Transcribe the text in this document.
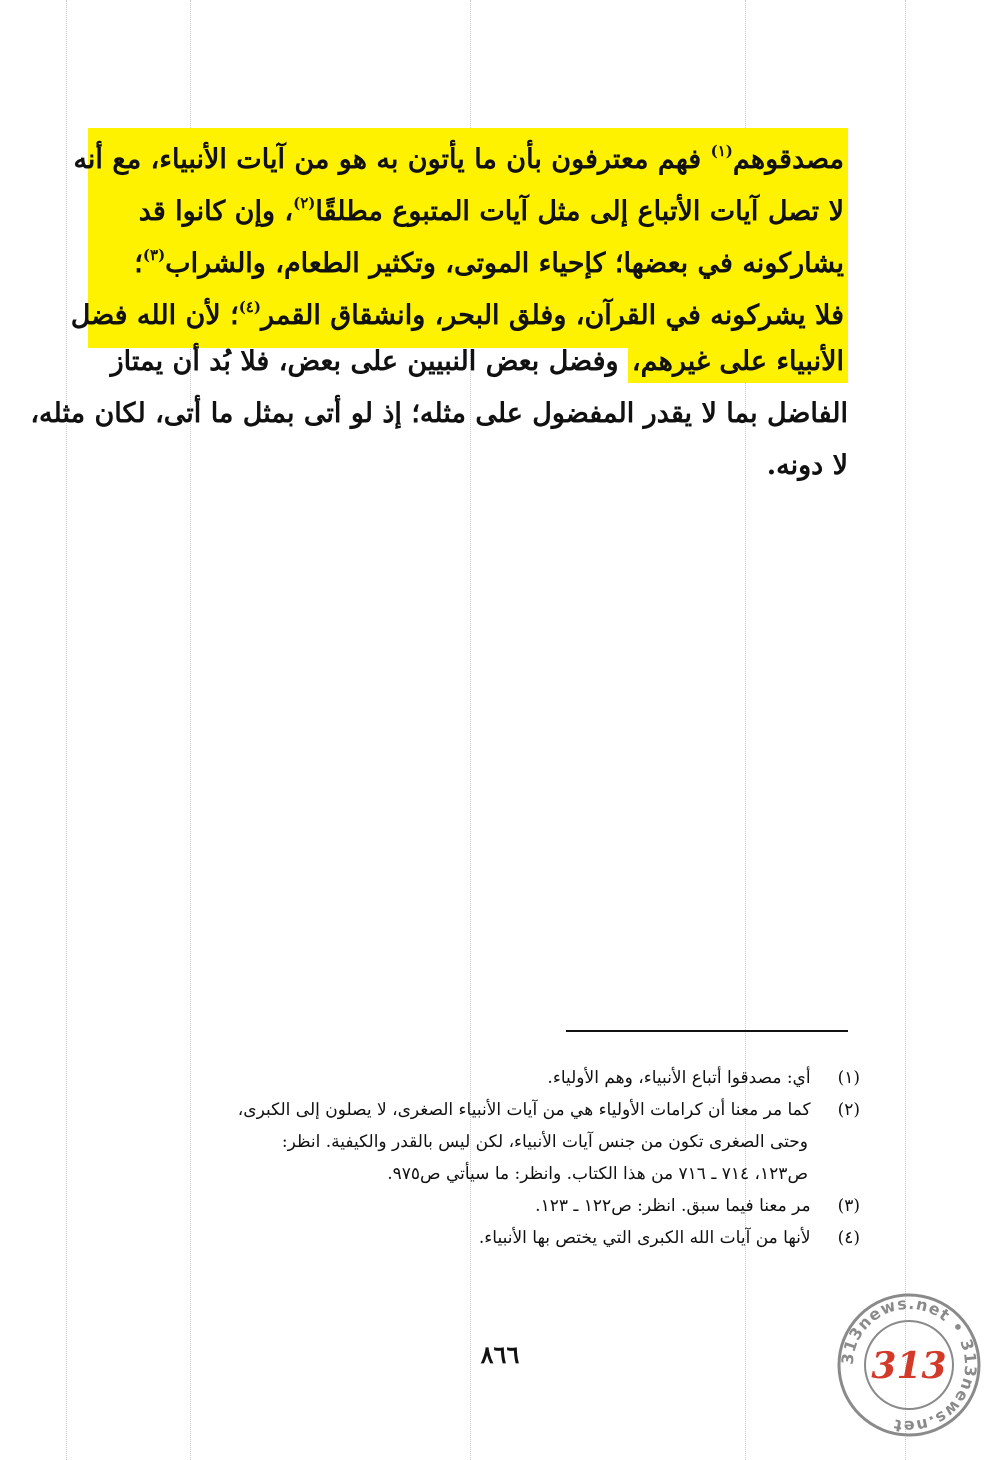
مصدقوهم$^{(١)}$ فهم معترفون بأن ما يأتون به هو من آيات الأنبياء، مع أنه
لا تصل آيات الأتباع إلى مثل آيات المتبوع مطلقًا$^{(٢)}$، وإن كانوا قد
يشاركونه في بعضها؛ كإحياء الموتى، وتكثير الطعام، والشراب$^{(٣)}$؛
فلا يشركونه في القرآن، وفلق البحر، وانشقاق القمر$^{(٤)}$؛ لأن الله فضل
الأنبياء على غيرهم، وفضل بعض النبيين على بعض، فلا بُد أن يمتاز
الفاضل بما لا يقدر المفضول على مثله؛ إذ لو أتى بمثل ما أتى، لكان مثله،
لا دونه.
(١) أي: مصدقوا أتباع الأنبياء، وهم الأولياء.
(٢) كما مر معنا أن كرامات الأولياء هي من آيات الأنبياء الصغرى، لا يصلون إلى الكبرى،
وحتى الصغرى تكون من جنس آيات الأنبياء، لكن ليس بالقدر والكيفية. انظر:
ص١٢٣، ٧١٤ ـ ٧١٦ من هذا الكتاب. وانظر: ما سيأتي ص٩٧٥.
(٣) مر معنا فيما سبق. انظر: ص١٢٢ ـ ١٢٣.
(٤) لأنها من آيات الله الكبرى التي يختص بها الأنبياء.
٨٦٦	313news.net • 313news.net
313
